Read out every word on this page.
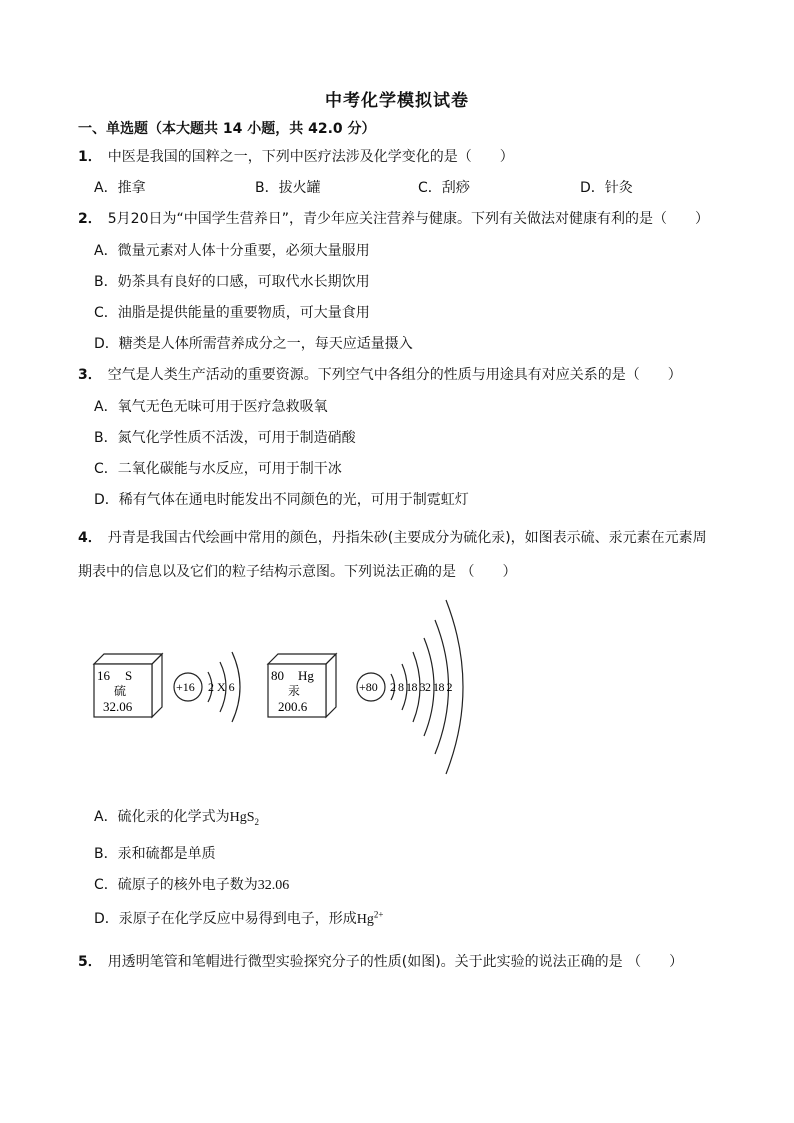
中考化学模拟试卷
一、单选题（本大题共 14 小题，共 42.0 分）
1． 中医是我国的国粹之一，下列中医疗法涉及化学变化的是（　　）
A．推拿	B．拔火罐	C．刮痧	D．针灸
2． 5月20日为“中国学生营养日”，青少年应关注营养与健康。下列有关做法对健康有利的是（　　）
A．微量元素对人体十分重要，必须大量服用
B．奶茶具有良好的口感，可取代水长期饮用
C．油脂是提供能量的重要物质，可大量食用
D．糖类是人体所需营养成分之一，每天应适量摄入
3． 空气是人类生产活动的重要资源。下列空气中各组分的性质与用途具有对应关系的是（　　）
A．氧气无色无味可用于医疗急救吸氧
B．氮气化学性质不活泼，可用于制造硝酸
C．二氧化碳能与水反应，可用于制干冰
D．稀有气体在通电时能发出不同颜色的光，可用于制霓虹灯
4． 丹青是我国古代绘画中常用的颜色，丹指朱砂(主要成分为硫化汞)，如图表示硫、汞元素在元素周
期表中的信息以及它们的粒子结构示意图。下列说法正确的是 （　　）
16 S
硫
32.06
+16 2 X 6
80 Hg
汞
200.6
+80 2 8 18 32 18 2
A．硫化汞的化学式为HgS$_2$
B．汞和硫都是单质
C．硫原子的核外电子数为32.06
D．汞原子在化学反应中易得到电子，形成$Hg^{2+}$
5． 用透明笔管和笔帽进行微型实验探究分子的性质(如图)。关于此实验的说法正确的是 （　　）
